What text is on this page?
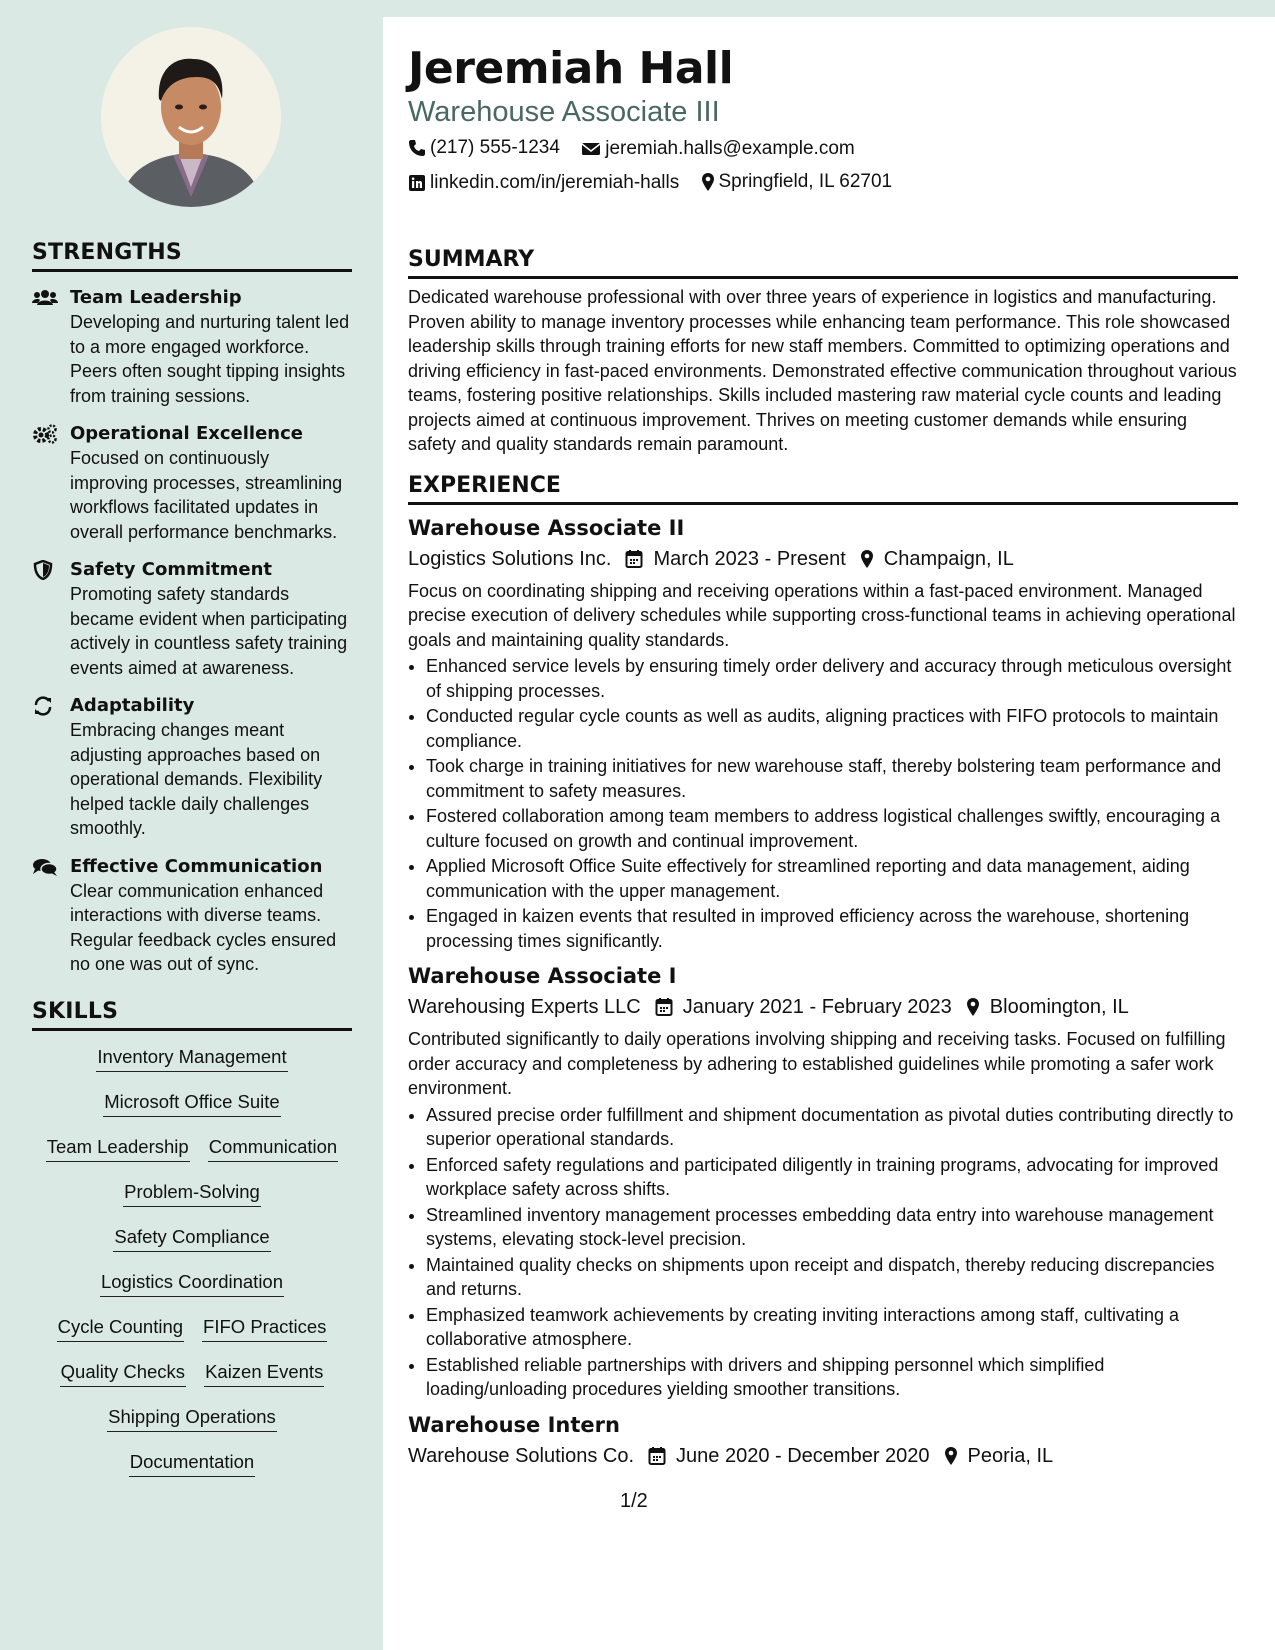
STRENGTHS
Team Leadership
Developing and nurturing talent led to a more engaged workforce. Peers often sought tipping insights from training sessions.
Operational Excellence
Focused on continuously improving processes, streamlining workflows facilitated updates in overall performance benchmarks.
Safety Commitment
Promoting safety standards became evident when participating actively in countless safety training events aimed at awareness.
Adaptability
Embracing changes meant adjusting approaches based on operational demands. Flexibility helped tackle daily challenges smoothly.
Effective Communication
Clear communication enhanced interactions with diverse teams. Regular feedback cycles ensured no one was out of sync.
SKILLS
Inventory Management
Microsoft Office Suite
Team Leadership Communication
Problem-Solving
Safety Compliance
Logistics Coordination
Cycle Counting FIFO Practices
Quality Checks Kaizen Events
Shipping Operations
Documentation
Jeremiah Hall
Warehouse Associate III
(217) 555-1234
jeremiah.halls@example.com
linkedin.com/in/jeremiah-halls
Springfield, IL 62701
SUMMARY
Dedicated warehouse professional with over three years of experience in logistics and manufacturing. Proven ability to manage inventory processes while enhancing team performance. This role showcased leadership skills through training efforts for new staff members. Committed to optimizing operations and driving efficiency in fast-paced environments. Demonstrated effective communication throughout various teams, fostering positive relationships. Skills included mastering raw material cycle counts and leading projects aimed at continuous improvement. Thrives on meeting customer demands while ensuring safety and quality standards remain paramount.
EXPERIENCE
Warehouse Associate II
Logistics Solutions Inc. March 2023 - Present Champaign, IL
Focus on coordinating shipping and receiving operations within a fast-paced environment. Managed precise execution of delivery schedules while supporting cross-functional teams in achieving operational goals and maintaining quality standards.
• Enhanced service levels by ensuring timely order delivery and accuracy through meticulous oversight of shipping processes.
• Conducted regular cycle counts as well as audits, aligning practices with FIFO protocols to maintain compliance.
• Took charge in training initiatives for new warehouse staff, thereby bolstering team performance and commitment to safety measures.
• Fostered collaboration among team members to address logistical challenges swiftly, encouraging a culture focused on growth and continual improvement.
• Applied Microsoft Office Suite effectively for streamlined reporting and data management, aiding communication with the upper management.
• Engaged in kaizen events that resulted in improved efficiency across the warehouse, shortening processing times significantly.
Warehouse Associate I
Warehousing Experts LLC January 2021 - February 2023 Bloomington, IL
Contributed significantly to daily operations involving shipping and receiving tasks. Focused on fulfilling order accuracy and completeness by adhering to established guidelines while promoting a safer work environment.
• Assured precise order fulfillment and shipment documentation as pivotal duties contributing directly to superior operational standards.
• Enforced safety regulations and participated diligently in training programs, advocating for improved workplace safety across shifts.
• Streamlined inventory management processes embedding data entry into warehouse management systems, elevating stock-level precision.
• Maintained quality checks on shipments upon receipt and dispatch, thereby reducing discrepancies and returns.
• Emphasized teamwork achievements by creating inviting interactions among staff, cultivating a collaborative atmosphere.
• Established reliable partnerships with drivers and shipping personnel which simplified loading/unloading procedures yielding smoother transitions.
Warehouse Intern
Warehouse Solutions Co. June 2020 - December 2020 Peoria, IL
1/2
